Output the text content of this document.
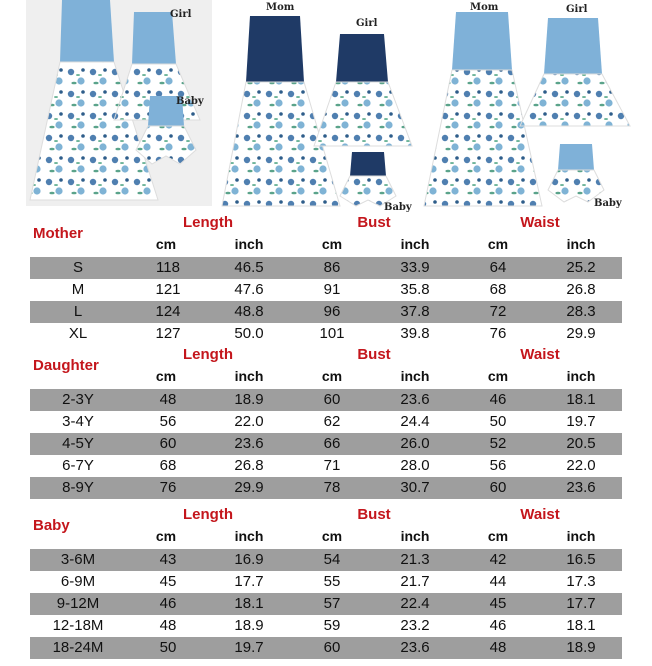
Girl
Baby
Mom
Girl
Baby
Mom	Girl
Baby
Mother
Length	Bust	Waist
cm	inch	cm	inch	cm	inch
S	118	46.5	86	33.9	64	25.2
M	121	47.6	91	35.8	68	26.8
L	124	48.8	96	37.8	72	28.3
XL	127	50.0	101	39.8	76	29.9
Daughter
Length	Bust	Waist
cm	inch	cm	inch	cm	inch
2-3Y	48	18.9	60	23.6	46	18.1
3-4Y	56	22.0	62	24.4	50	19.7
4-5Y	60	23.6	66	26.0	52	20.5
6-7Y	68	26.8	71	28.0	56	22.0
8-9Y	76	29.9	78	30.7	60	23.6
Baby
Length	Bust	Waist
cm	inch	cm	inch	cm	inch
3-6M	43	16.9	54	21.3	42	16.5
6-9M	45	17.7	55	21.7	44	17.3
9-12M	46	18.1	57	22.4	45	17.7
12-18M	48	18.9	59	23.2	46	18.1
18-24M	50	19.7	60	23.6	48	18.9
